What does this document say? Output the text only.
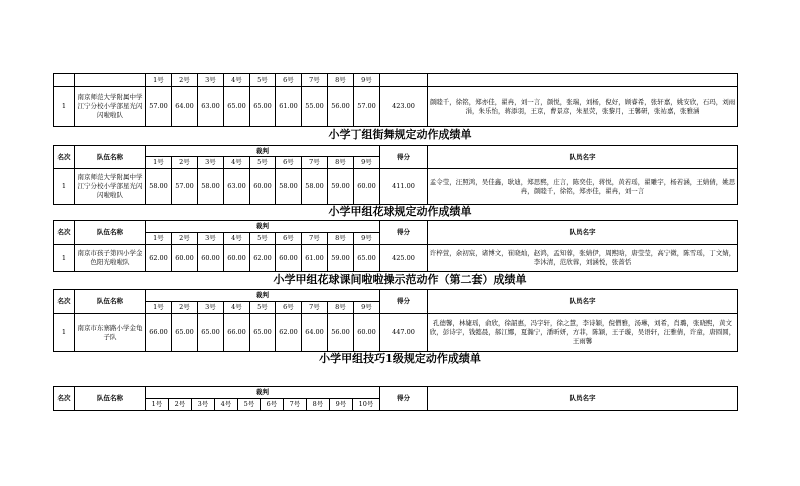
		1号	2号	3号	4号	5号	6号	7号	8号	9号		
1	南京师范大学附属中学江宁分校小学部星光闪闪啦啦队	57.00	64.00	63.00	65.00	65.00	61.00	55.00	56.00	57.00	423.00	颜睦千，徐铭，郑亦佳，翟冉，刘一言，颜悦，张瑞，刘杨，倪好，顾睿希，张轩嘉，姚安欣，石玛，刘雨涓，朱乐怡，蒋添羽，王京，曹景彦，朱星荧，张黎月，王馨研，张祐嘉，张雅涵
小学丁组街舞规定动作成绩单
名次	队伍名称	裁判									得分	队员名字
		1号	2号	3号	4号	5号	6号	7号	8号	9号		
1	南京师范大学附属中学江宁分校小学部星光闪闪啦啦队	58.00	57.00	58.00	63.00	60.00	58.00	58.00	59.00	60.00	411.00	孟令莹，汪照鸿，吴佳鑫，耿迪，郑思熙，庄言，陈奕佳，蒋悦，黄若瑶，翟雕宇，杨若涵，王婧倩，姚思冉，颜睦千，徐铭，郑亦佳，翟冉，刘一言
小学甲组花球规定动作成绩单
名次	队伍名称	裁判									得分	队员名字
		1号	2号	3号	4号	5号	6号	7号	8号	9号		
1	南京市孩子第四小学金色阳光啦啦队	62.00	60.00	60.00	60.00	62.00	60.00	61.00	59.00	65.00	425.00	许梓萱，余初宸，诸博文，崔晓灿，赵鸿，孟知蓉，张婧伊，周熙晗，唐莹莹，高宁微，陈雪瑶，丁文婧，李沐清，范欣蓉，刘涵悦，张蔷恬
小学甲组花球课间啦啦操示范动作（第二套）成绩单
名次	队伍名称	裁判									得分	队员名字
		1号	2号	3号	4号	5号	6号	7号	8号	9号		
1	南京市东寨路小学金龟子队	66.00	65.00	65.00	66.00	65.00	62.00	64.00	56.00	60.00	447.00	孔德馨，林婕瑶，俞欣，徐韶惠，冯宇轩，徐之慧，李诗颖，倪僧雅，汤琳，刘希，肖璐，张晓熙，黄文欣，彭诗宇，钱懿晨，郝江娜，夏瀚宁，潘昕妍，方菲，陈颖，王子璇，吴语轩，汪雅倩，许童，唐圆圆，王雨馨
小学甲组技巧1级规定动作成绩单
名次	队伍名称	裁判										得分	队员名字
		1号	2号	3号	4号	5号	6号	7号	8号	9号	10号		
